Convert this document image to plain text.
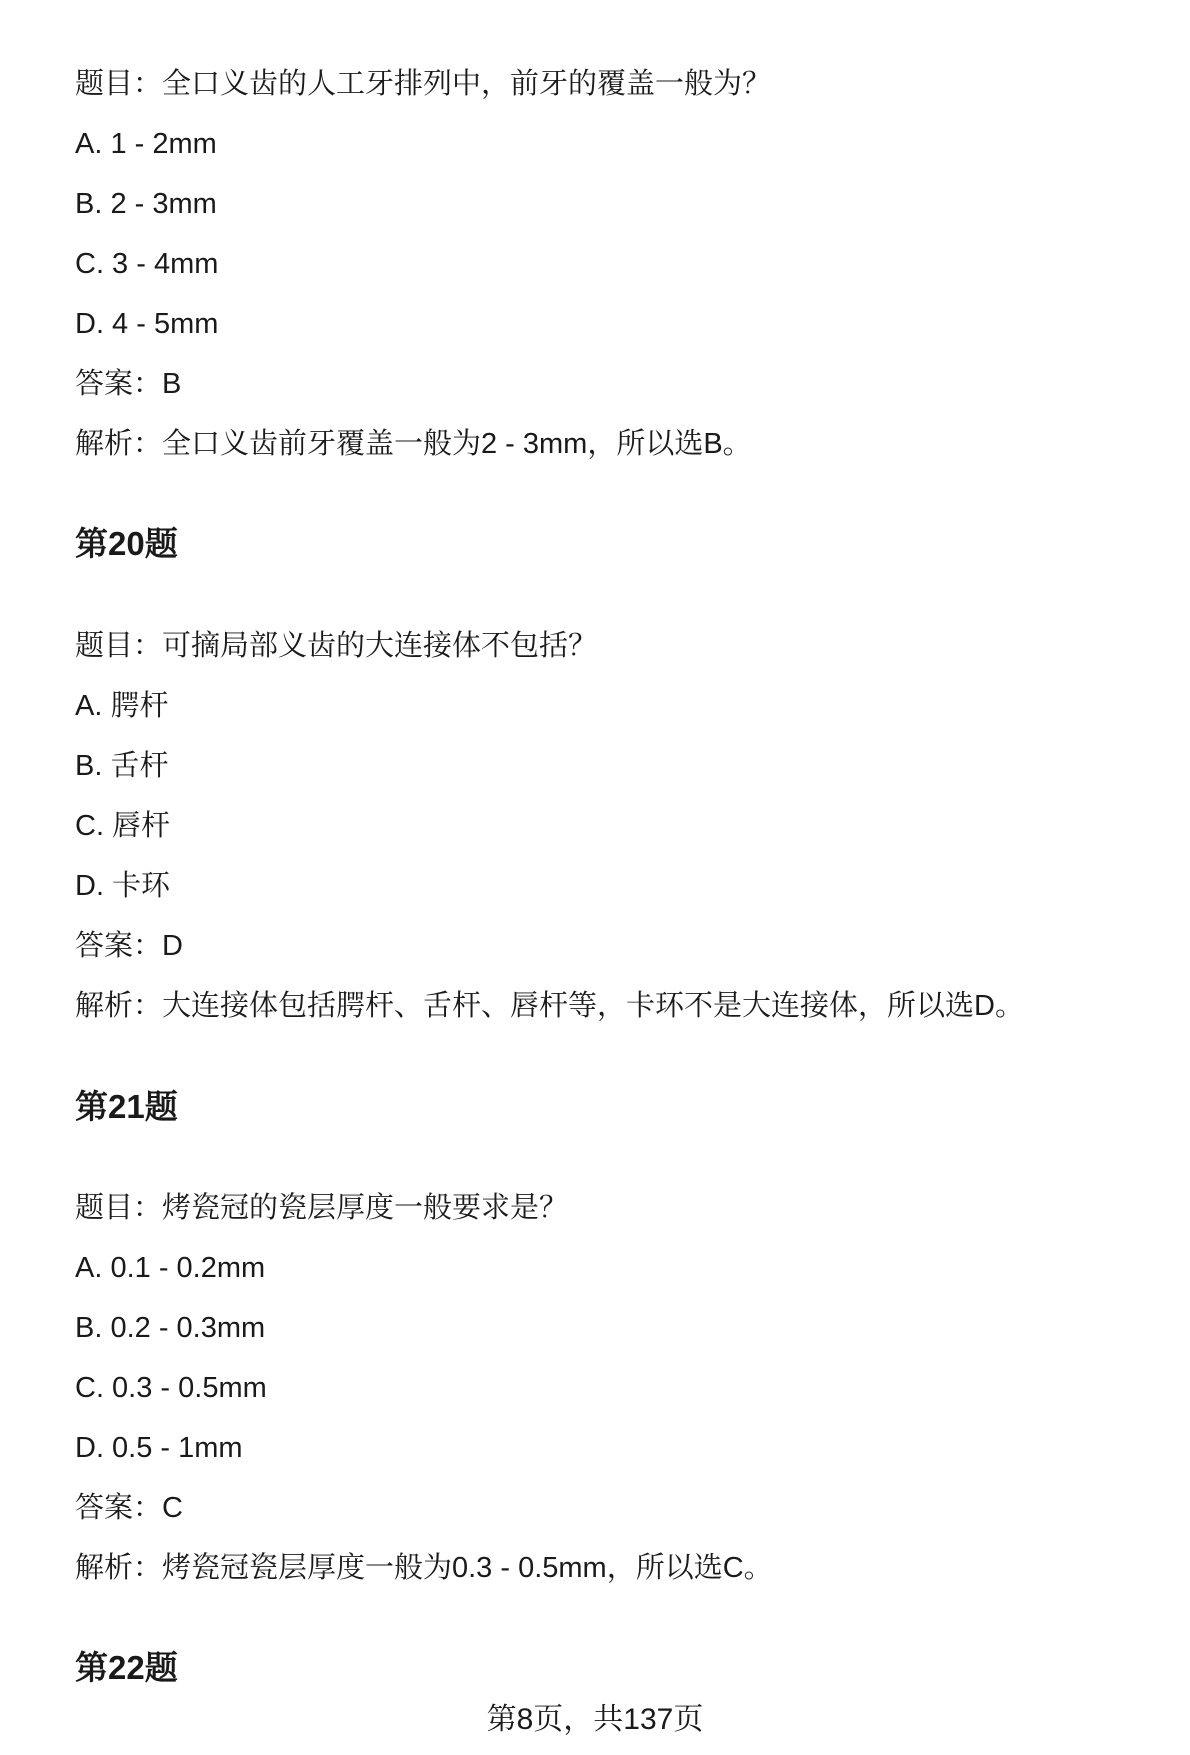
题目：全口义齿的人工牙排列中，前牙的覆盖一般为？
A. 1 - 2mm
B. 2 - 3mm
C. 3 - 4mm
D. 4 - 5mm
答案：B
解析：全口义齿前牙覆盖一般为2 - 3mm，所以选B。
第20题
题目：可摘局部义齿的大连接体不包括？
A. 腭杆
B. 舌杆
C. 唇杆
D. 卡环
答案：D
解析：大连接体包括腭杆、舌杆、唇杆等，卡环不是大连接体，所以选D。
第21题
题目：烤瓷冠的瓷层厚度一般要求是？
A. 0.1 - 0.2mm
B. 0.2 - 0.3mm
C. 0.3 - 0.5mm
D. 0.5 - 1mm
答案：C
解析：烤瓷冠瓷层厚度一般为0.3 - 0.5mm，所以选C。
第22题
第8页，共137页
